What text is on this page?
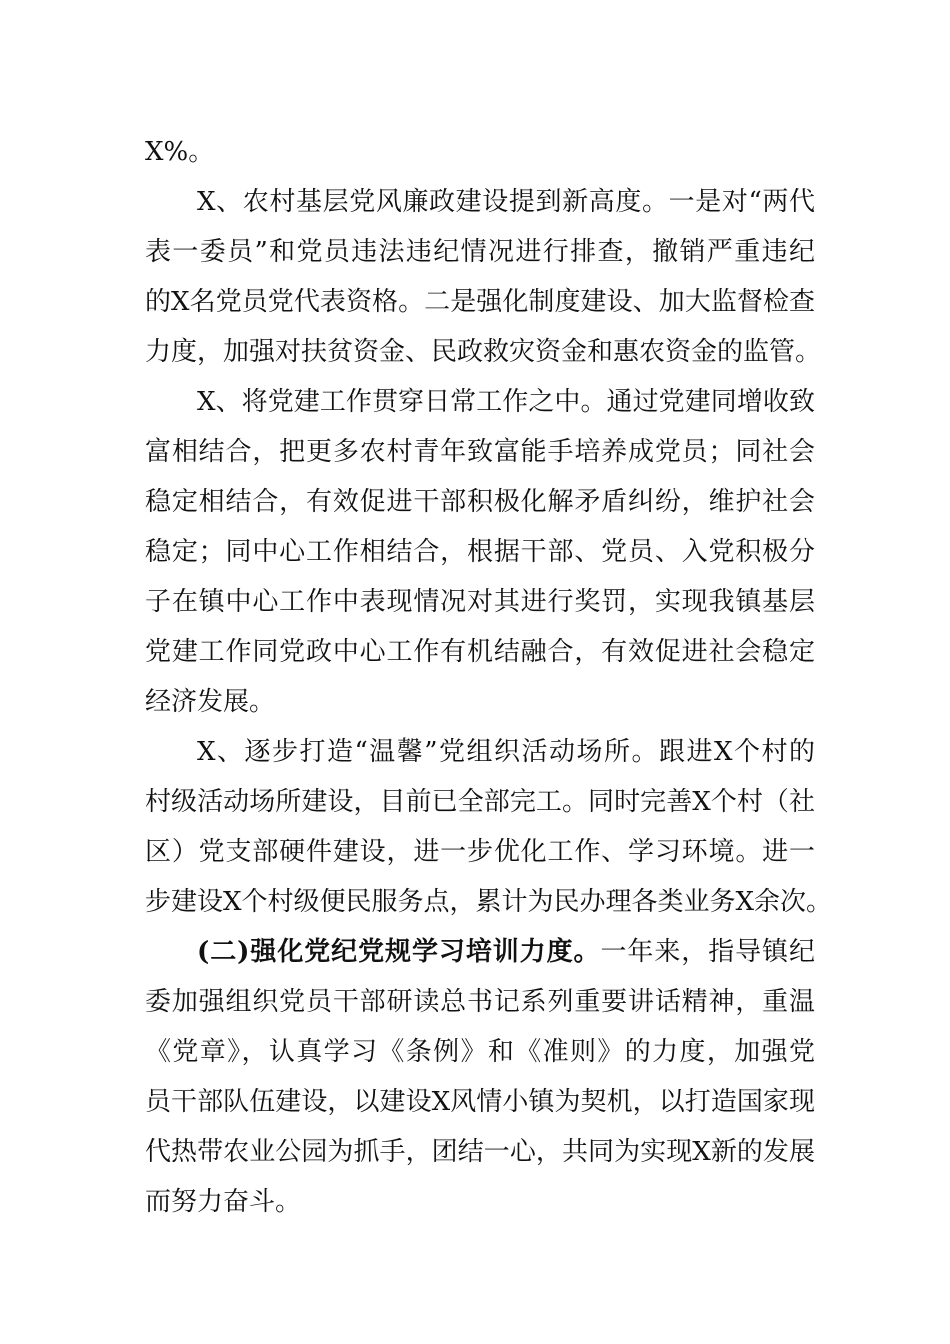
X%。
X、农村基层党风廉政建设提到新高度。一是对“两代
表一委员”和党员违法违纪情况进行排查，撤销严重违纪
的X名党员党代表资格。二是强化制度建设、加大监督检查
力度，加强对扶贫资金、民政救灾资金和惠农资金的监管。
X、将党建工作贯穿日常工作之中。通过党建同增收致
富相结合，把更多农村青年致富能手培养成党员；同社会
稳定相结合，有效促进干部积极化解矛盾纠纷，维护社会
稳定；同中心工作相结合，根据干部、党员、入党积极分
子在镇中心工作中表现情况对其进行奖罚，实现我镇基层
党建工作同党政中心工作有机结融合，有效促进社会稳定
经济发展。
X、逐步打造“温馨”党组织活动场所。跟进X个村的
村级活动场所建设，目前已全部完工。同时完善X个村（社
区）党支部硬件建设，进一步优化工作、学习环境。进一
步建设X个村级便民服务点，累计为民办理各类业务X余次。
(二)强化党纪党规学习培训力度。一年来，指导镇纪
委加强组织党员干部研读总书记系列重要讲话精神，重温
《党章》，认真学习《条例》和《准则》的力度，加强党
员干部队伍建设，以建设X风情小镇为契机，以打造国家现
代热带农业公园为抓手，团结一心，共同为实现X新的发展
而努力奋斗。
